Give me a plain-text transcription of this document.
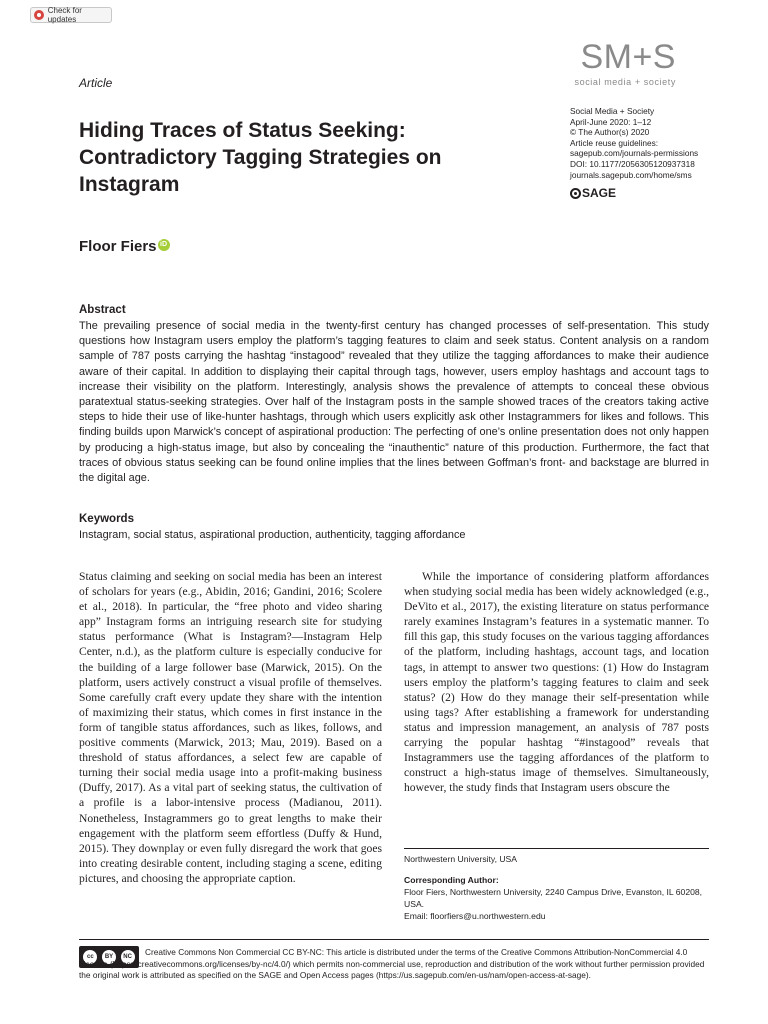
Check for updates
SM+S
social media + society
Article
Hiding Traces of Status Seeking: Contradictory Tagging Strategies on Instagram
Floor Fiers iD
Social Media + Society
April-June 2020: 1–12
© The Author(s) 2020
Article reuse guidelines:
sagepub.com/journals-permissions
DOI: 10.1177/2056305120937318
journals.sagepub.com/home/sms
SAGE
Abstract
The prevailing presence of social media in the twenty-first century has changed processes of self-presentation. This study questions how Instagram users employ the platform’s tagging features to claim and seek status. Content analysis on a random sample of 787 posts carrying the hashtag “instagood” revealed that they utilize the tagging affordances to make their audience aware of their capital. In addition to displaying their capital through tags, however, users employ hashtags and account tags to increase their visibility on the platform. Interestingly, analysis shows the prevalence of attempts to conceal these obvious paratextual status-seeking strategies. Over half of the Instagram posts in the sample showed traces of the creators taking active steps to hide their use of like-hunter hashtags, through which users explicitly ask other Instagrammers for likes and follows. This finding builds upon Marwick’s concept of aspirational production: The perfecting of one’s online presentation does not only happen by producing a high-status image, but also by concealing the “inauthentic” nature of this production. Furthermore, the fact that traces of obvious status seeking can be found online implies that the lines between Goffman’s front- and backstage are blurred in the digital age.
Keywords
Instagram, social status, aspirational production, authenticity, tagging affordance
Status claiming and seeking on social media has been an interest of scholars for years (e.g., Abidin, 2016; Gandini, 2016; Scolere et al., 2018). In particular, the “free photo and video sharing app” Instagram forms an intriguing research site for studying status performance (What is Instagram?—Instagram Help Center, n.d.), as the platform culture is especially conducive for the building of a large follower base (Marwick, 2015). On the platform, users actively construct a visual profile of themselves. Some carefully craft every update they share with the intention of maximizing their status, which comes in first instance in the form of tangible status affordances, such as likes, follows, and positive comments (Marwick, 2013; Mau, 2019). Based on a threshold of status affordances, a select few are capable of turning their social media usage into a profit-making business (Duffy, 2017). As a vital part of seeking status, the cultivation of a profile is a labor-intensive process (Madianou, 2011). Nonetheless, Instagrammers go to great lengths to make their engagement with the platform seem effortless (Duffy & Hund, 2015). They downplay or even fully disregard the work that goes into creating desirable content, including staging a scene, editing pictures, and choosing the appropriate caption.
While the importance of considering platform affordances when studying social media has been widely acknowledged (e.g., DeVito et al., 2017), the existing literature on status performance rarely examines Instagram’s features in a systematic manner. To fill this gap, this study focuses on the various tagging affordances of the platform, including hashtags, account tags, and location tags, in attempt to answer two questions: (1) How do Instagram users employ the platform’s tagging features to claim and seek status? (2) How do they manage their self-presentation while using tags? After establishing a framework for understanding status and impression management, an analysis of 787 posts carrying the popular hashtag “#instagood” reveals that Instagrammers use the tagging affordances of the platform to construct a high-status image of themselves. Simultaneously, however, the study finds that Instagram users obscure the
Northwestern University, USA
Corresponding Author:
Floor Fiers, Northwestern University, 2240 Campus Drive, Evanston, IL 60208, USA.
Email: floorfiers@u.northwestern.edu
cc	BY	NC	Creative Commons Non Commercial CC BY-NC: This article is distributed under the terms of the Creative Commons Attribution-NonCommercial 4.0 License (https://creativecommons.org/licenses/by-nc/4.0/) which permits non-commercial use, reproduction and distribution of the work without further permission provided the original work is attributed as specified on the SAGE and Open Access pages (https://us.sagepub.com/en-us/nam/open-access-at-sage).
